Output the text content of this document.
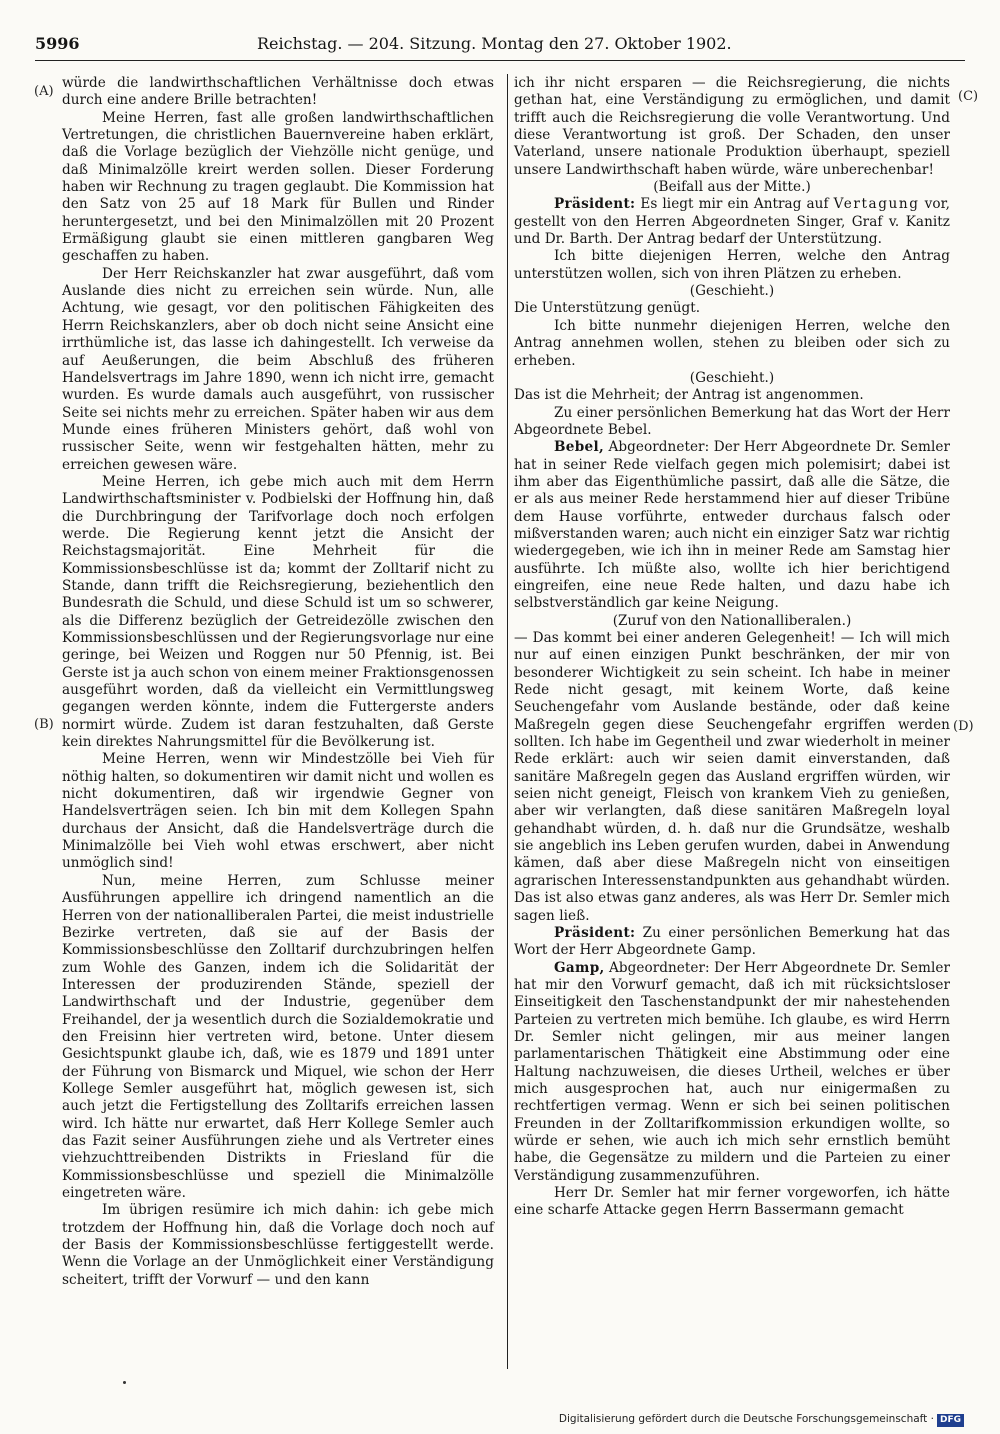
5996	Reichstag. — 204. Sitzung. Montag den 27. Oktober 1902.
(A)
(B)
(C)
(D)

würde die landwirthschaftlichen Verhältnisse doch etwas durch eine andere Brille betrachten!

Meine Herren, fast alle großen landwirthschaftlichen Vertretungen, die christlichen Bauernvereine haben erklärt, daß die Vorlage bezüglich der Viehzölle nicht genüge, und daß Minimalzölle kreirt werden sollen. Dieser Forderung haben wir Rechnung zu tragen geglaubt. Die Kommission hat den Satz von 25 auf 18 Mark für Bullen und Rinder heruntergesetzt, und bei den Minimalzöllen mit 20 Prozent Ermäßigung glaubt sie einen mittleren gangbaren Weg geschaffen zu haben.

Der Herr Reichskanzler hat zwar ausgeführt, daß vom Auslande dies nicht zu erreichen sein würde. Nun, alle Achtung, wie gesagt, vor den politischen Fähigkeiten des Herrn Reichskanzlers, aber ob doch nicht seine Ansicht eine irrthümliche ist, das lasse ich dahingestellt. Ich verweise da auf Aeußerungen, die beim Abschluß des früheren Handelsvertrags im Jahre 1890, wenn ich nicht irre, gemacht wurden. Es wurde damals auch ausgeführt, von russischer Seite sei nichts mehr zu erreichen. Später haben wir aus dem Munde eines früheren Ministers gehört, daß wohl von russischer Seite, wenn wir festgehalten hätten, mehr zu erreichen gewesen wäre.

Meine Herren, ich gebe mich auch mit dem Herrn Landwirthschaftsminister v. Podbielski der Hoffnung hin, daß die Durchbringung der Tarifvorlage doch noch erfolgen werde. Die Regierung kennt jetzt die Ansicht der Reichstagsmajorität. Eine Mehrheit für die Kommissionsbeschlüsse ist da; kommt der Zolltarif nicht zu Stande, dann trifft die Reichsregierung, beziehentlich den Bundesrath die Schuld, und diese Schuld ist um so schwerer, als die Differenz bezüglich der Getreidezölle zwischen den Kommissionsbeschlüssen und der Regierungsvorlage nur eine geringe, bei Weizen und Roggen nur 50 Pfennig, ist. Bei Gerste ist ja auch schon von einem meiner Fraktionsgenossen ausgeführt worden, daß da vielleicht ein Vermittlungsweg gegangen werden könnte, indem die Futtergerste anders normirt würde. Zudem ist daran festzuhalten, daß Gerste kein direktes Nahrungsmittel für die Bevölkerung ist.

Meine Herren, wenn wir Mindestzölle bei Vieh für nöthig halten, so dokumentiren wir damit nicht und wollen es nicht dokumentiren, daß wir irgendwie Gegner von Handelsverträgen seien. Ich bin mit dem Kollegen Spahn durchaus der Ansicht, daß die Handelsverträge durch die Minimalzölle bei Vieh wohl etwas erschwert, aber nicht unmöglich sind!

Nun, meine Herren, zum Schlusse meiner Ausführungen appellire ich dringend namentlich an die Herren von der nationalliberalen Partei, die meist industrielle Bezirke vertreten, daß sie auf der Basis der Kommissionsbeschlüsse den Zolltarif durchzubringen helfen zum Wohle des Ganzen, indem ich die Solidarität der Interessen der produzirenden Stände, speziell der Landwirthschaft und der Industrie, gegenüber dem Freihandel, der ja wesentlich durch die Sozialdemokratie und den Freisinn hier vertreten wird, betone. Unter diesem Gesichtspunkt glaube ich, daß, wie es 1879 und 1891 unter der Führung von Bismarck und Miquel, wie schon der Herr Kollege Semler ausgeführt hat, möglich gewesen ist, sich auch jetzt die Fertigstellung des Zolltarifs erreichen lassen wird. Ich hätte nur erwartet, daß Herr Kollege Semler auch das Fazit seiner Ausführungen ziehe und als Vertreter eines viehzuchttreibenden Distrikts in Friesland für die Kommissionsbeschlüsse und speziell die Minimalzölle eingetreten wäre.

Im übrigen resümire ich mich dahin: ich gebe mich trotzdem der Hoffnung hin, daß die Vorlage doch noch auf der Basis der Kommissionsbeschlüsse fertiggestellt werde. Wenn die Vorlage an der Unmöglichkeit einer Verständigung scheitert, trifft der Vorwurf — und den kann

ich ihr nicht ersparen — die Reichsregierung, die nichts gethan hat, eine Verständigung zu ermöglichen, und damit trifft auch die Reichsregierung die volle Verantwortung. Und diese Verantwortung ist groß. Der Schaden, den unser Vaterland, unsere nationale Produktion überhaupt, speziell unsere Landwirthschaft haben würde, wäre unberechenbar!

(Beifall aus der Mitte.)

Präsident: Es liegt mir ein Antrag auf Vertagung vor, gestellt von den Herren Abgeordneten Singer, Graf v. Kanitz und Dr. Barth. Der Antrag bedarf der Unterstützung.

Ich bitte diejenigen Herren, welche den Antrag unterstützen wollen, sich von ihren Plätzen zu erheben.

(Geschieht.)

Die Unterstützung genügt.

Ich bitte nunmehr diejenigen Herren, welche den Antrag annehmen wollen, stehen zu bleiben oder sich zu erheben.

(Geschieht.)

Das ist die Mehrheit; der Antrag ist angenommen.

Zu einer persönlichen Bemerkung hat das Wort der Herr Abgeordnete Bebel.

Bebel, Abgeordneter: Der Herr Abgeordnete Dr. Semler hat in seiner Rede vielfach gegen mich polemisirt; dabei ist ihm aber das Eigenthümliche passirt, daß alle die Sätze, die er als aus meiner Rede herstammend hier auf dieser Tribüne dem Hause vorführte, entweder durchaus falsch oder mißverstanden waren; auch nicht ein einziger Satz war richtig wiedergegeben, wie ich ihn in meiner Rede am Samstag hier ausführte. Ich müßte also, wollte ich hier berichtigend eingreifen, eine neue Rede halten, und dazu habe ich selbstverständlich gar keine Neigung.

(Zuruf von den Nationalliberalen.)

— Das kommt bei einer anderen Gelegenheit! — Ich will mich nur auf einen einzigen Punkt beschränken, der mir von besonderer Wichtigkeit zu sein scheint. Ich habe in meiner Rede nicht gesagt, mit keinem Worte, daß keine Seuchengefahr vom Auslande bestände, oder daß keine Maßregeln gegen diese Seuchengefahr ergriffen werden sollten. Ich habe im Gegentheil und zwar wiederholt in meiner Rede erklärt: auch wir seien damit einverstanden, daß sanitäre Maßregeln gegen das Ausland ergriffen würden, wir seien nicht geneigt, Fleisch von krankem Vieh zu genießen, aber wir verlangten, daß diese sanitären Maßregeln loyal gehandhabt würden, d. h. daß nur die Grundsätze, weshalb sie angeblich ins Leben gerufen wurden, dabei in Anwendung kämen, daß aber diese Maßregeln nicht von einseitigen agrarischen Interessenstandpunkten aus gehandhabt würden. Das ist also etwas ganz anderes, als was Herr Dr. Semler mich sagen ließ.

Präsident: Zu einer persönlichen Bemerkung hat das Wort der Herr Abgeordnete Gamp.

Gamp, Abgeordneter: Der Herr Abgeordnete Dr. Semler hat mir den Vorwurf gemacht, daß ich mit rücksichtsloser Einseitigkeit den Taschenstandpunkt der mir nahestehenden Parteien zu vertreten mich bemühe. Ich glaube, es wird Herrn Dr. Semler nicht gelingen, mir aus meiner langen parlamentarischen Thätigkeit eine Abstimmung oder eine Haltung nachzuweisen, die dieses Urtheil, welches er über mich ausgesprochen hat, auch nur einigermaßen zu rechtfertigen vermag. Wenn er sich bei seinen politischen Freunden in der Zolltarifkommission erkundigen wollte, so würde er sehen, wie auch ich mich sehr ernstlich bemüht habe, die Gegensätze zu mildern und die Parteien zu einer Verständigung zusammenzuführen.

Herr Dr. Semler hat mir ferner vorgeworfen, ich hätte eine scharfe Attacke gegen Herrn Bassermann gemacht

Digitalisierung gefördert durch die Deutsche Forschungsgemeinschaft · DFG
